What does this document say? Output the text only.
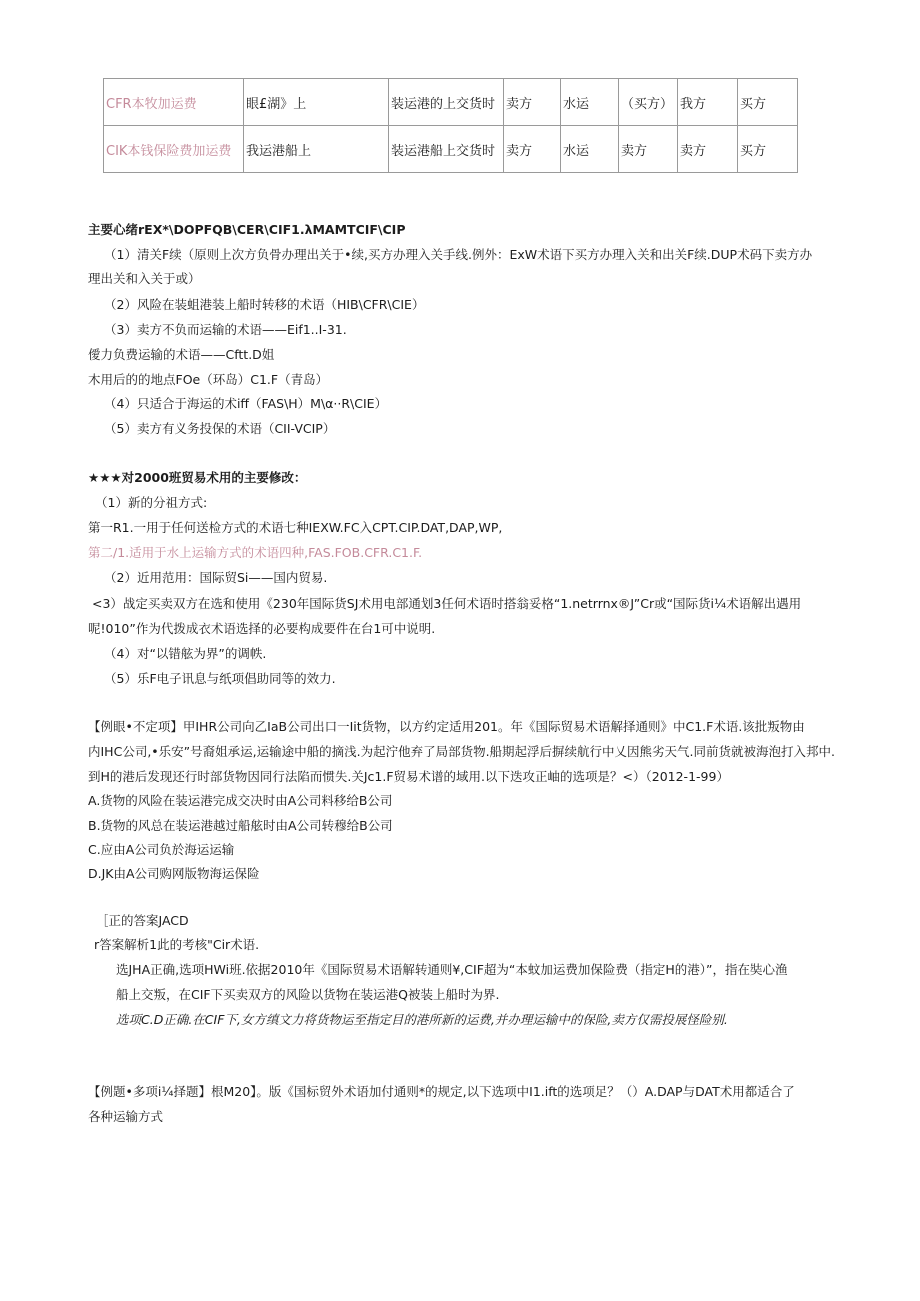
CFR本牧加运费	眼£湖》上	装运港的上交货时	卖方	水运	（买方）	我方	买方
CIK本钱保险费加运费	我运港船上	装运港船上交货时	卖方	水运	卖方	卖方	买方
主要心绪rEX*\DOPFQB\CER\CIF1.λMAMTCIF\CIP
（1）清关F续（原则上次方负骨办理出关于•续,买方办理入关手线.例外：ExW术语下买方办理入关和出关F续.DUP术码下卖方办
理出关和入关于或）
（2）风险在装蛆港装上船时转移的术语（HIB\CFR\CIE）
（3）卖方不负而运输的术语——Eif1..I-31.
僾力负费运输的术语——Cftt.D姐
木用后的的地点FOe（环岛）C1.F（青岛）
（4）只适合于海运的术iff（FAS\H）M\α··R\CIE）
（5）卖方有义务投保的术语（CII-VCIP）
★★★对2000班贸易术用的主要修改：
（1）新的分祖方式:
第一R1.一用于任何送检方式的术语七种IEXW.FC入CPT.CIP.DAT,DAP,WP,
第二/1.适用于水上运输方式的术语四种,FAS.FOB.CFR.C1.F.
（2）近用范用：国际贸Si——国内贸易.
<3）战定买卖双方在选和使用《230年国际货SJ术用电部通划3任何术语时搭翁妥格“1.netrrnx®J”Cr或“国际货i¼术语解出遇用
呢!010”作为代拨成衣术语选择的必要构成要件在台1可中说明.
（4）对“以错舷为界”的调帙.
（5）乐F电子讯息与纸项倡助同等的效力.
【例眼•不定项】甲IHR公司向乙IaB公司出口一Iit货物，以方约定适用201。年《国际贸易术语解择通则》中C1.F术语.该批叛物由
内IHC公司,•乐安”号裔姐承运,运输途中船的摘浅.为起泞他弃了局部货物.船期起浮后摒续航行中乂因熊劣天气.同前货就被海泡打入邦中.
到H的港后发现还行时部货物因同行法陷而惯失.关Jc1.F贸易术谱的域用.以下迭攻正岫的选项是？<）（2012-1-99）
A.货物的风险在装运港完成交决时由A公司料移给B公司
B.货物的风总在装运港越过船舷时由A公司转穆给B公司
C.应由A公司负於海运运输
D.JK由A公司购网版物海运保险
［正的答案JACD
r答案解析1此的考核"Cir术语.
选JHA正确,选项HWi班.依据2010年《国际贸易术语解转通则¥,CIF超为“本蚊加运费加保险费（指定H的港）”，指在奘心渔
船上交叛，在CIF下买卖双方的风险以货物在装运港Q被装上船时为界.
选项C.D正确.在CIF下,女方缜文力将货物运至指定目的港所新的运费,并办理运输中的保险,卖方仅需投展怪险别.
【例题•多项i¼择题】根M20】。版《国标贸外术语加付通则*的规定,以下选项中I1.ift的选项足？（）A.DAP与DAT术用都适合了
各种运输方式
